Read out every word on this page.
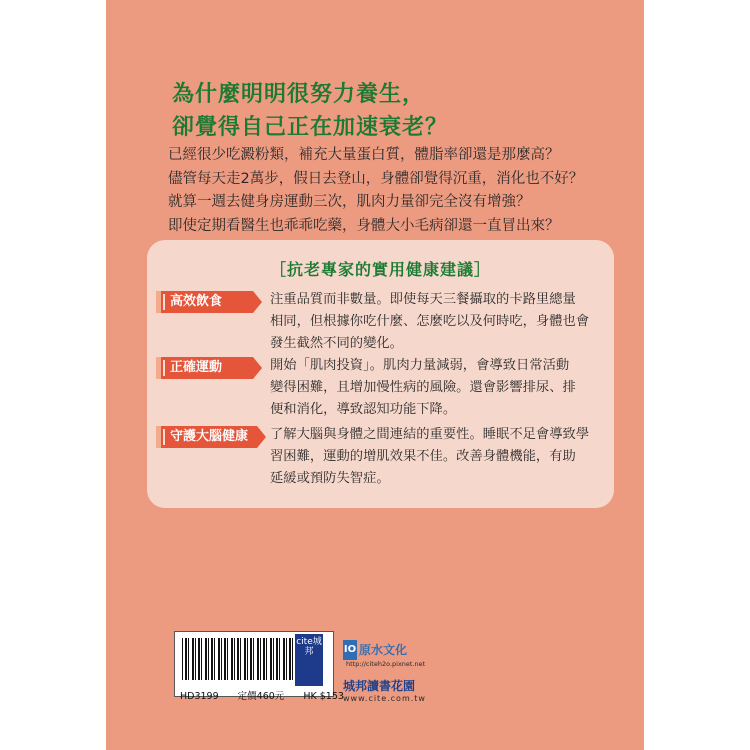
為什麼明明很努力養生，
卻覺得自己正在加速衰老？
已經很少吃澱粉類，補充大量蛋白質，體脂率卻還是那麼高？
儘管每天走2萬步，假日去登山，身體卻覺得沉重，消化也不好？
就算一週去健身房運動三次，肌肉力量卻完全沒有增強？
即使定期看醫生也乖乖吃藥，身體大小毛病卻還一直冒出來？
［抗老專家的實用健康建議］
高效飲食	注重品質而非數量。即使每天三餐攝取的卡路里總量
相同，但根據你吃什麼、怎麼吃以及何時吃，身體也會
發生截然不同的變化。
正確運動	開始「肌肉投資」。肌肉力量減弱，會導致日常活動
變得困難，且增加慢性病的風險。還會影響排尿、排
便和消化，導致認知功能下降。
守護大腦健康	了解大腦與身體之間連結的重要性。睡眠不足會導致學
習困難，運動的增肌效果不佳。改善身體機能，有助
延緩或預防失智症。
cite城邦
HD3199 定價460元 HK $153
IO 原水文化
http://citeh2o.pixnet.net
城邦讀書花園
www.cite.com.tw
